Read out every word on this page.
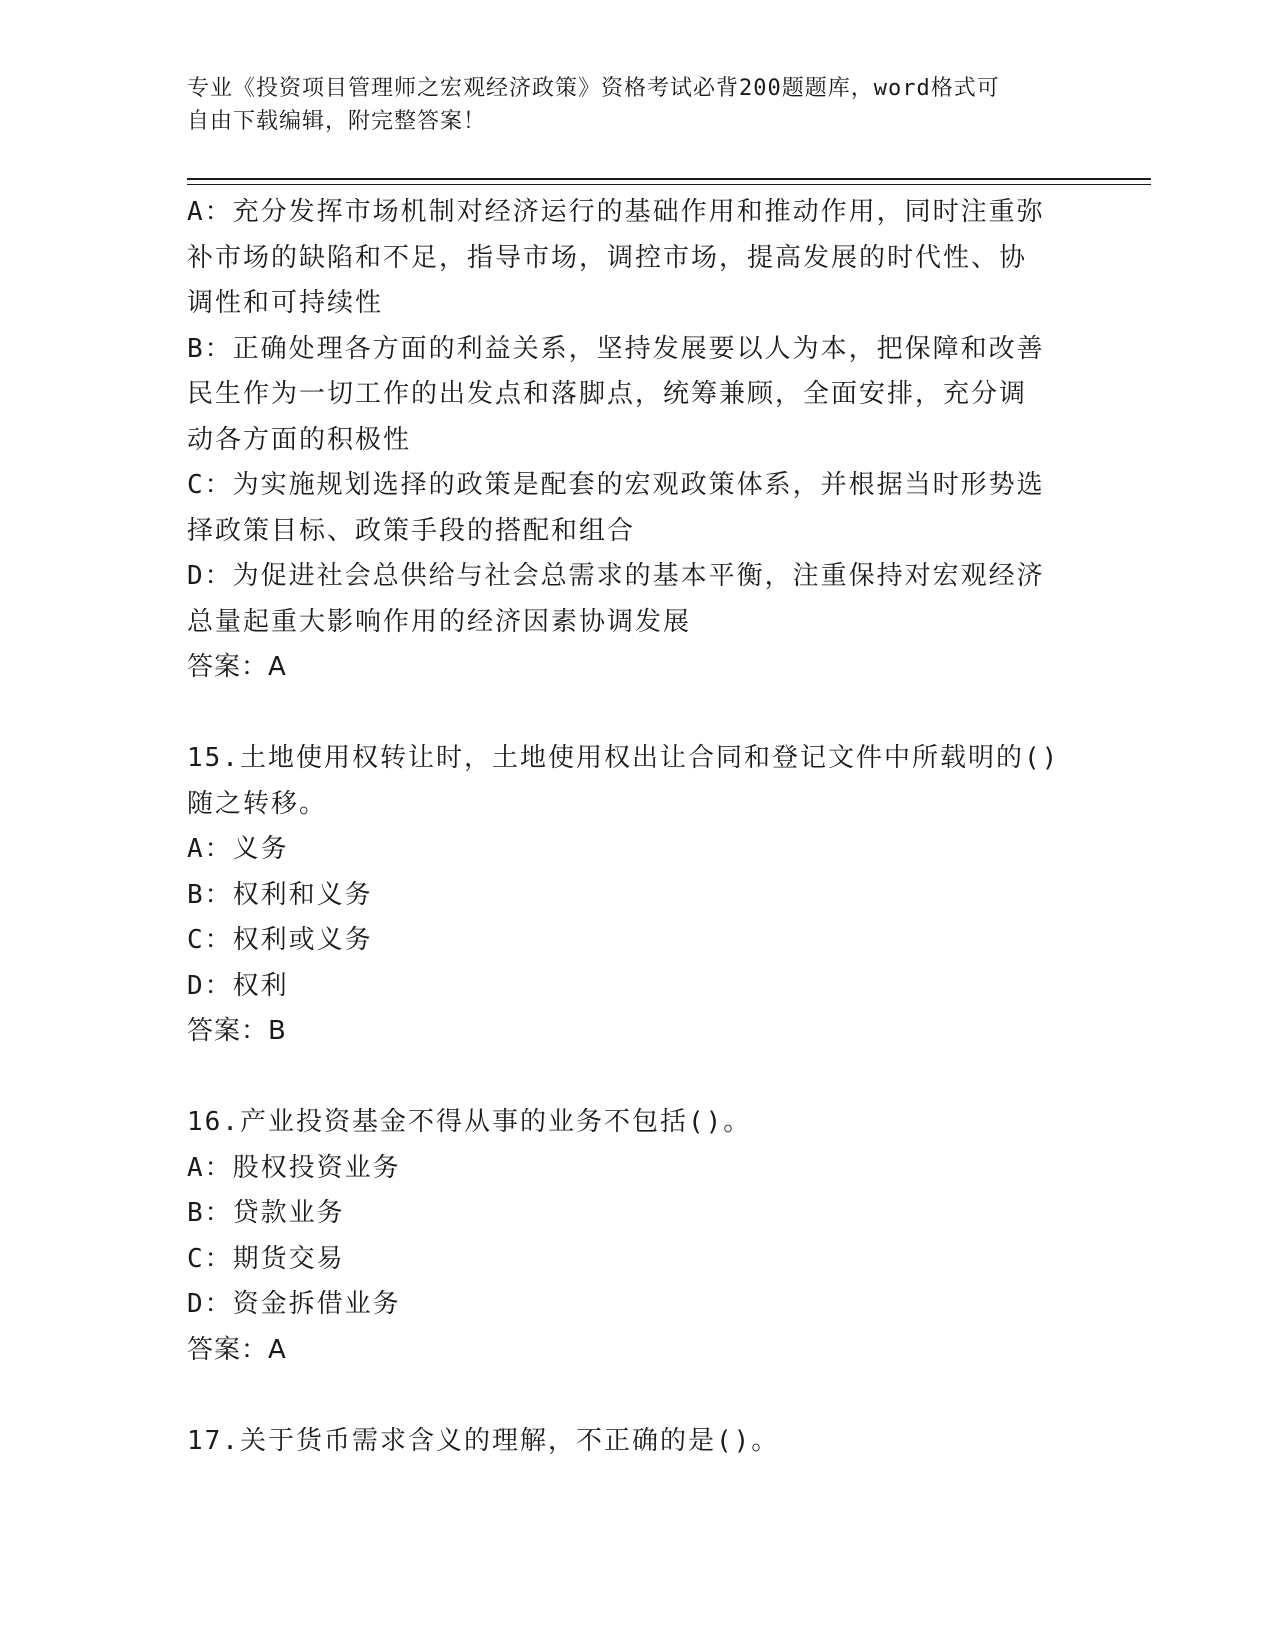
专业《投资项目管理师之宏观经济政策》资格考试必背200题题库，word格式可
自由下载编辑，附完整答案！
A：充分发挥市场机制对经济运行的基础作用和推动作用，同时注重弥
补市场的缺陷和不足，指导市场，调控市场，提高发展的时代性、协
调性和可持续性
B：正确处理各方面的利益关系，坚持发展要以人为本，把保障和改善
民生作为一切工作的出发点和落脚点，统筹兼顾，全面安排，充分调
动各方面的积极性
C：为实施规划选择的政策是配套的宏观政策体系，并根据当时形势选
择政策目标、政策手段的搭配和组合
D：为促进社会总供给与社会总需求的基本平衡，注重保持对宏观经济
总量起重大影响作用的经济因素协调发展
答案：A
15.土地使用权转让时，土地使用权出让合同和登记文件中所载明的()
随之转移。
A：义务
B：权利和义务
C：权利或义务
D：权利
答案：B
16.产业投资基金不得从事的业务不包括()。
A：股权投资业务
B：贷款业务
C：期货交易
D：资金拆借业务
答案：A
17.关于货币需求含义的理解，不正确的是()。
